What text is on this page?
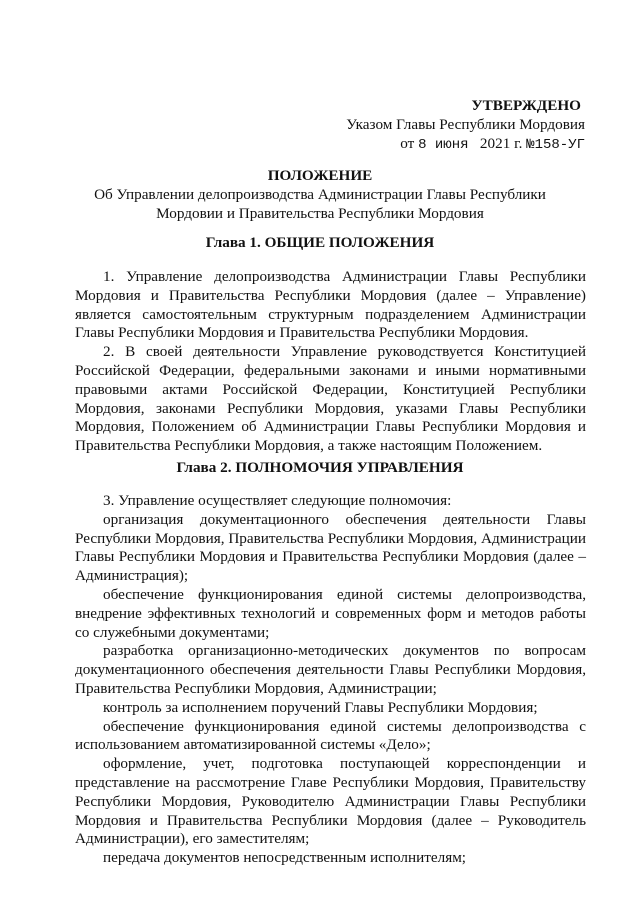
УТВЕРЖДЕНО
Указом Главы Республики Мордовия
от 8 июня 2021 г. №158-УГ
ПОЛОЖЕНИЕ
Об Управлении делопроизводства Администрации Главы Республики
Мордовии и Правительства Республики Мордовия
Глава 1. ОБЩИЕ ПОЛОЖЕНИЯ

1. Управление делопроизводства Администрации Главы Республики Мордовия и Правительства Республики Мордовия (далее – Управление) является самостоятельным структурным подразделением Администрации Главы Республики Мордовия и Правительства Республики Мордовия.

2. В своей деятельности Управление руководствуется Конституцией Российской Федерации, федеральными законами и иными нормативными правовыми актами Российской Федерации, Конституцией Республики Мордовия, законами Республики Мордовия, указами Главы Республики Мордовия, Положением об Администрации Главы Республики Мордовия и Правительства Республики Мордовия, а также настоящим Положением.

Глава 2. ПОЛНОМОЧИЯ УПРАВЛЕНИЯ

3. Управление осуществляет следующие полномочия:

организация документационного обеспечения деятельности Главы Республики Мордовия, Правительства Республики Мордовия, Администрации Главы Республики Мордовия и Правительства Республики Мордовия (далее – Администрация);

обеспечение функционирования единой системы делопроизводства, внедрение эффективных технологий и современных форм и методов работы со служебными документами;

разработка организационно-методических документов по вопросам документационного обеспечения деятельности Главы Республики Мордовия, Правительства Республики Мордовия, Администрации;

контроль за исполнением поручений Главы Республики Мордовия;

обеспечение функционирования единой системы делопроизводства с использованием автоматизированной системы «Дело»;

оформление, учет, подготовка поступающей корреспонденции и представление на рассмотрение Главе Республики Мордовия, Правительству Республики Мордовия, Руководителю Администрации Главы Республики Мордовия и Правительства Республики Мордовия (далее – Руководитель Администрации), его заместителям;

передача документов непосредственным исполнителям;
